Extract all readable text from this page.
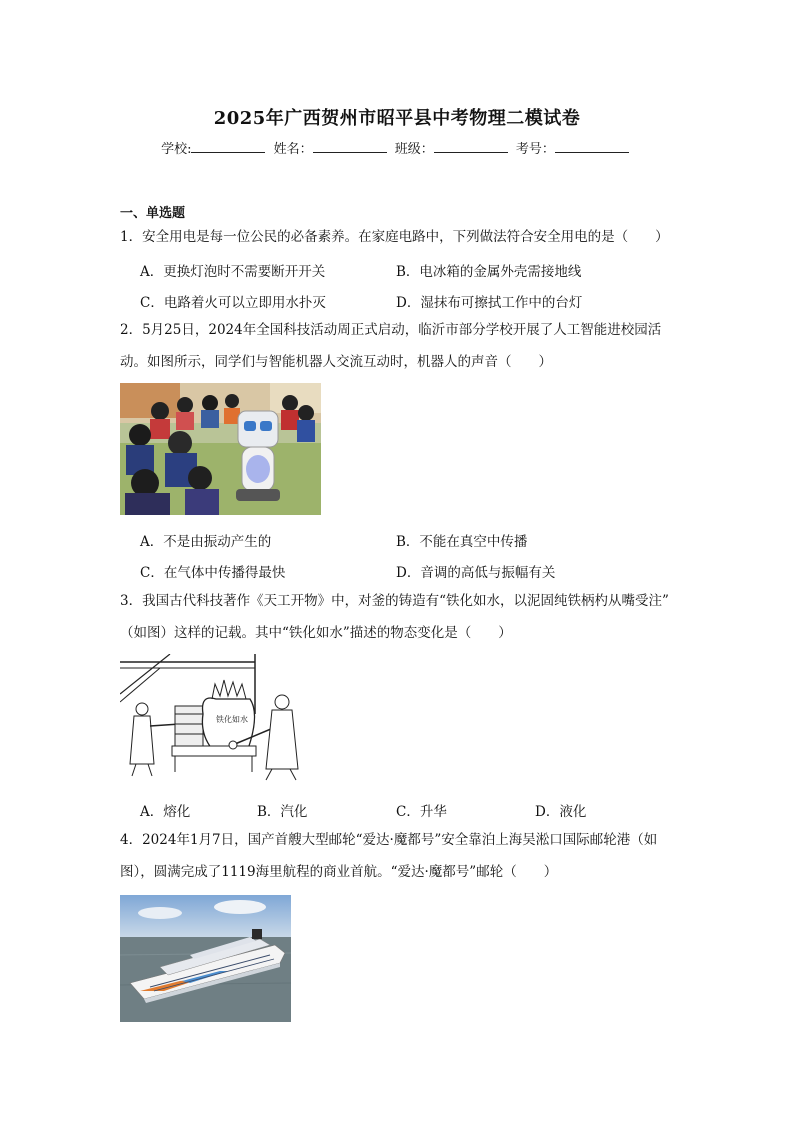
2025年广西贺州市昭平县中考物理二模试卷
学校:	姓名：	班级：	考号：
一、单选题
1．安全用电是每一位公民的必备素养。在家庭电路中，下列做法符合安全用电的是（　　）
A．更换灯泡时不需要断开开关	B．电冰箱的金属外壳需接地线
C．电路着火可以立即用水扑灭	D．湿抹布可擦拭工作中的台灯
2．5月25日，2024年全国科技活动周正式启动，临沂市部分学校开展了人工智能进校园活
动。如图所示，同学们与智能机器人交流互动时，机器人的声音（　　）
A．不是由振动产生的	B．不能在真空中传播
C．在气体中传播得最快	D．音调的高低与振幅有关
3．我国古代科技著作《天工开物》中，对釜的铸造有“铁化如水，以泥固纯铁柄杓从嘴受注”
（如图）这样的记载。其中“铁化如水”描述的物态变化是（　　）
铁化如水
A．熔化	B．汽化	C．升华	D．液化
4．2024年1月7日，国产首艘大型邮轮“爱达·魔都号”安全靠泊上海吴淞口国际邮轮港（如
图），圆满完成了1119海里航程的商业首航。“爱达·魔都号”邮轮（　　）
